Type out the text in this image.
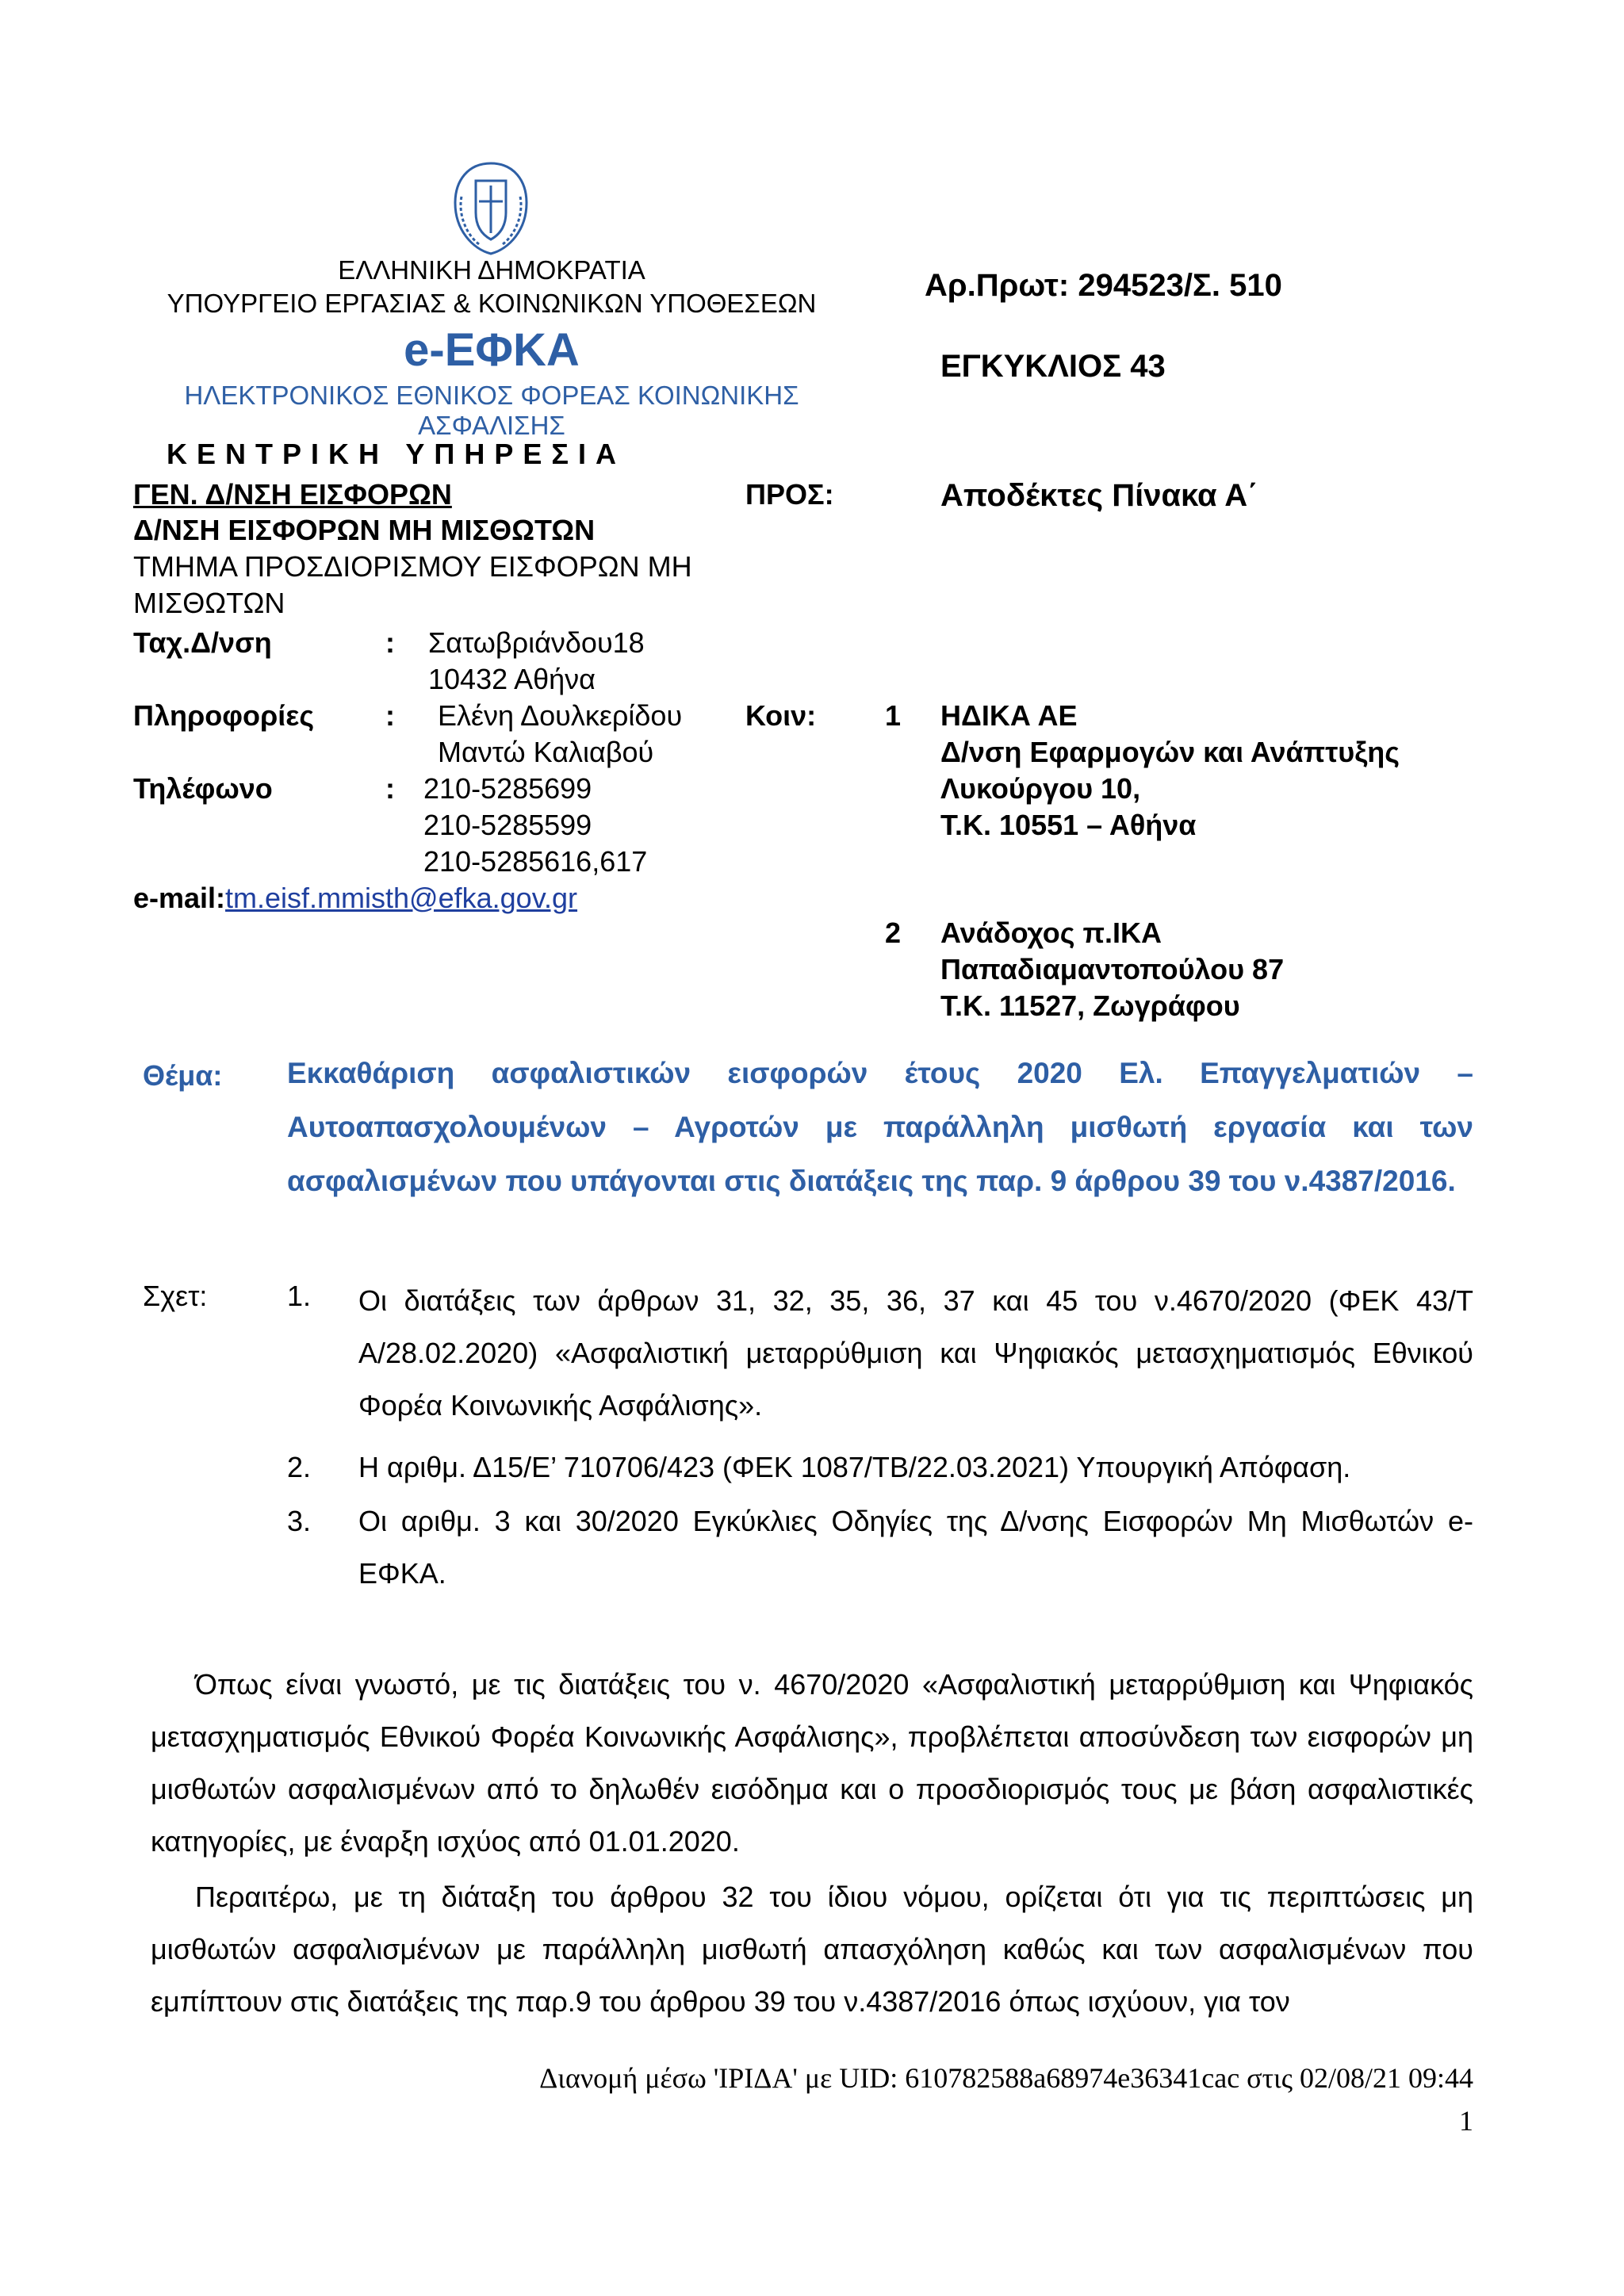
ΕΛΛΗΝΙΚΗ ΔΗΜΟΚΡΑΤΙΑ
ΥΠΟΥΡΓΕΙΟ ΕΡΓΑΣΙΑΣ & ΚΟΙΝΩΝΙΚΩΝ ΥΠΟΘΕΣΕΩΝ
e-ΕΦΚΑ
ΗΛΕΚΤΡΟΝΙΚΟΣ ΕΘΝΙΚΟΣ ΦΟΡΕΑΣ ΚΟΙΝΩΝΙΚΗΣ ΑΣΦΑΛΙΣΗΣ
Αρ.Πρωτ: 294523/Σ. 510
ΕΓΚΥΚΛΙΟΣ 43
ΚΕΝΤΡΙΚΗ ΥΠΗΡΕΣΙΑ
ΓΕΝ. Δ/ΝΣΗ ΕΙΣΦΟΡΩΝ
Δ/ΝΣΗ ΕΙΣΦΟΡΩΝ ΜΗ ΜΙΣΘΩΤΩΝ
ΤΜΗΜΑ ΠΡΟΣΔΙΟΡΙΣΜΟΥ ΕΙΣΦΟΡΩΝ ΜΗ
ΜΙΣΘΩΤΩΝ
Ταχ.Δ/νση	: Σατωβριάνδου18
10432 Αθήνα
Πληροφορίες : Ελένη Δουλκερίδου
Μαντώ Καλιαβού
Τηλέφωνο	: 210-5285699
210-5285599
210-5285616,617
e-mail:tm.eisf.mmisth@efka.gov.gr
ΠΡΟΣ:	Αποδέκτες Πίνακα Α΄
Κοιν: 1 ΗΔΙΚΑ ΑΕ
Δ/νση Εφαρμογών και Ανάπτυξης
Λυκούργου 10,
Τ.Κ. 10551 – Αθήνα
2 Ανάδοχος π.ΙΚΑ
Παπαδιαμαντοπούλου 87
Τ.Κ. 11527, Ζωγράφου
Θέμα: Εκκαθάριση ασφαλιστικών εισφορών έτους 2020 Ελ. Επαγγελματιών – Αυτοαπασχολουμένων – Αγροτών με παράλληλη μισθωτή εργασία και των ασφαλισμένων που υπάγονται στις διατάξεις της παρ. 9 άρθρου 39 του ν.4387/2016.
Σχετ:	1. Οι διατάξεις των άρθρων 31, 32, 35, 36, 37 και 45 του ν.4670/2020 (ΦΕΚ 43/Τ Α/28.02.2020) «Ασφαλιστική μεταρρύθμιση και Ψηφιακός μετασχηματισμός Εθνικού Φορέα Κοινωνικής Ασφάλισης».
2. Η αριθμ. Δ15/Ε’ 710706/423 (ΦΕΚ 1087/ΤΒ/22.03.2021) Υπουργική Απόφαση.
3. Οι αριθμ. 3 και 30/2020 Εγκύκλιες Οδηγίες της Δ/νσης Εισφορών Μη Μισθωτών e-ΕΦΚΑ.
Όπως είναι γνωστό, με τις διατάξεις του ν. 4670/2020 «Ασφαλιστική μεταρρύθμιση και Ψηφιακός μετασχηματισμός Εθνικού Φορέα Κοινωνικής Ασφάλισης», προβλέπεται αποσύνδεση των εισφορών μη μισθωτών ασφαλισμένων από το δηλωθέν εισόδημα και ο προσδιορισμός τους με βάση ασφαλιστικές κατηγορίες, με έναρξη ισχύος από 01.01.2020.
Περαιτέρω, με τη διάταξη του άρθρου 32 του ίδιου νόμου, ορίζεται ότι για τις περιπτώσεις μη μισθωτών ασφαλισμένων με παράλληλη μισθωτή απασχόληση καθώς και των ασφαλισμένων που εμπίπτουν στις διατάξεις της παρ.9 του άρθρου 39 του ν.4387/2016 όπως ισχύουν, για τον
Διανομή μέσω 'ΙΡΙΔΑ' με UID: 610782588a68974e36341cac στις 02/08/21 09:44
1
